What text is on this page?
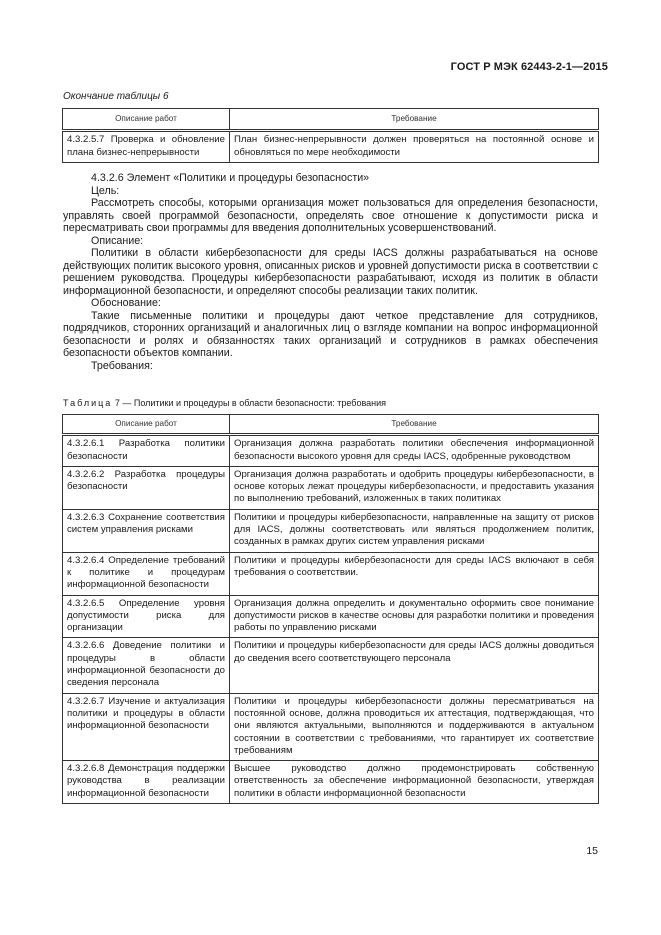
ГОСТ Р МЭК 62443-2-1—2015
Окончание таблицы 6
Описание работ	Требование
4.3.2.5.7 Проверка и обновление плана бизнес-непрерывности	План бизнес-непрерывности должен проверяться на постоянной основе и обновляться по мере необходимости

4.3.2.6 Элемент «Политики и процедуры безопасности»

Цель:

Рассмотреть способы, которыми организация может пользоваться для определения безопасности, управлять своей программой безопасности, определять свое отношение к допустимости риска и пересматривать свои программы для введения дополнительных усовершенствований.

Описание:

Политики в области кибербезопасности для среды IACS должны разрабатываться на основе действующих политик высокого уровня, описанных рисков и уровней допустимости риска в соответствии с решением руководства. Процедуры кибербезопасности разрабатывают, исходя из политик в области информационной безопасности, и определяют способы реализации таких политик.

Обоснование:

Такие письменные политики и процедуры дают четкое представление для сотрудников, подрядчиков, сторонних организаций и аналогичных лиц о взгляде компании на вопрос информационной безопасности и ролях и обязанностях таких организаций и сотрудников в рамках обеспечения безопасности объектов компании.

Требования:

Таблица 7 — Политики и процедуры в области безопасности: требования
Описание работ	Требование
4.3.2.6.1 Разработка политики безопасности	Организация должна разработать политики обеспечения информационной безопасности высокого уровня для среды IACS, одобренные руководством
4.3.2.6.2 Разработка процедуры безопасности	Организация должна разработать и одобрить процедуры кибербезопасности, в основе которых лежат процедуры кибербезопасности, и предоставить указания по выполнению требований, изложенных в таких политиках
4.3.2.6.3 Сохранение соответствия систем управления рисками	Политики и процедуры кибербезопасности, направленные на защиту от рисков для IACS, должны соответствовать или являться продолжением политик, созданных в рамках других систем управления рисками
4.3.2.6.4 Определение требований к политике и процедурам информационной безопасности	Политики и процедуры кибербезопасности для среды IACS включают в себя требования о соответствии.
4.3.2.6.5 Определение уровня допустимости риска для организации	Организация должна определить и документально оформить свое понимание допустимости рисков в качестве основы для разработки политики и проведения работы по управлению рисками
4.3.2.6.6 Доведение политики и процедуры в области информационной безопасности до сведения персонала	Политики и процедуры кибербезопасности для среды IACS должны доводиться до сведения всего соответствующего персонала
4.3.2.6.7 Изучение и актуализация политики и процедуры в области информационной безопасности	Политики и процедуры кибербезопасности должны пересматриваться на постоянной основе, должна проводиться их аттестация, подтверждающая, что они являются актуальными, выполняются и поддерживаются в актуальном состоянии в соответствии с требованиями, что гарантирует их соответствие требованиям
4.3.2.6.8 Демонстрация поддержки руководства в реализации информационной безопасности	Высшее руководство должно продемонстрировать собственную ответственность за обеспечение информационной безопасности, утверждая политики в области информационной безопасности
15
